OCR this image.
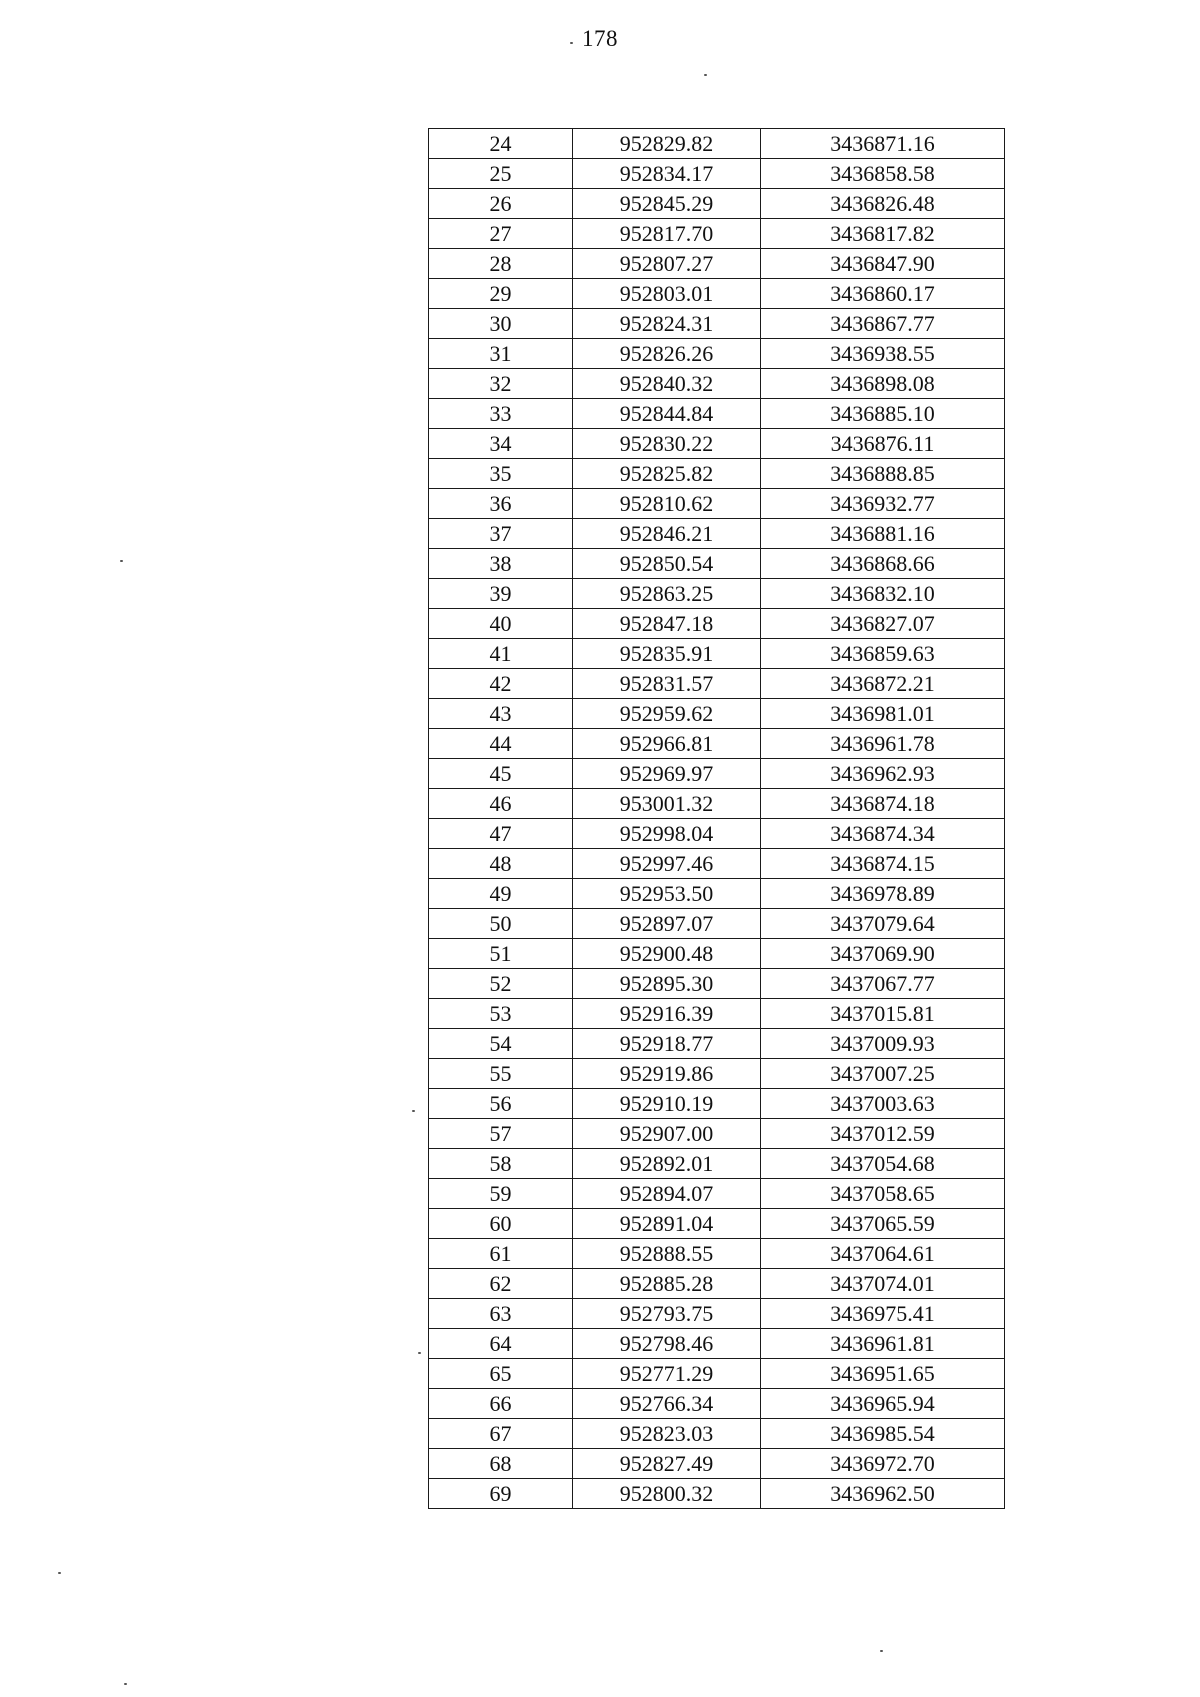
178
24	952829.82	3436871.16
25	952834.17	3436858.58
26	952845.29	3436826.48
27	952817.70	3436817.82
28	952807.27	3436847.90
29	952803.01	3436860.17
30	952824.31	3436867.77
31	952826.26	3436938.55
32	952840.32	3436898.08
33	952844.84	3436885.10
34	952830.22	3436876.11
35	952825.82	3436888.85
36	952810.62	3436932.77
37	952846.21	3436881.16
38	952850.54	3436868.66
39	952863.25	3436832.10
40	952847.18	3436827.07
41	952835.91	3436859.63
42	952831.57	3436872.21
43	952959.62	3436981.01
44	952966.81	3436961.78
45	952969.97	3436962.93
46	953001.32	3436874.18
47	952998.04	3436874.34
48	952997.46	3436874.15
49	952953.50	3436978.89
50	952897.07	3437079.64
51	952900.48	3437069.90
52	952895.30	3437067.77
53	952916.39	3437015.81
54	952918.77	3437009.93
55	952919.86	3437007.25
56	952910.19	3437003.63
57	952907.00	3437012.59
58	952892.01	3437054.68
59	952894.07	3437058.65
60	952891.04	3437065.59
61	952888.55	3437064.61
62	952885.28	3437074.01
63	952793.75	3436975.41
64	952798.46	3436961.81
65	952771.29	3436951.65
66	952766.34	3436965.94
67	952823.03	3436985.54
68	952827.49	3436972.70
69	952800.32	3436962.50
